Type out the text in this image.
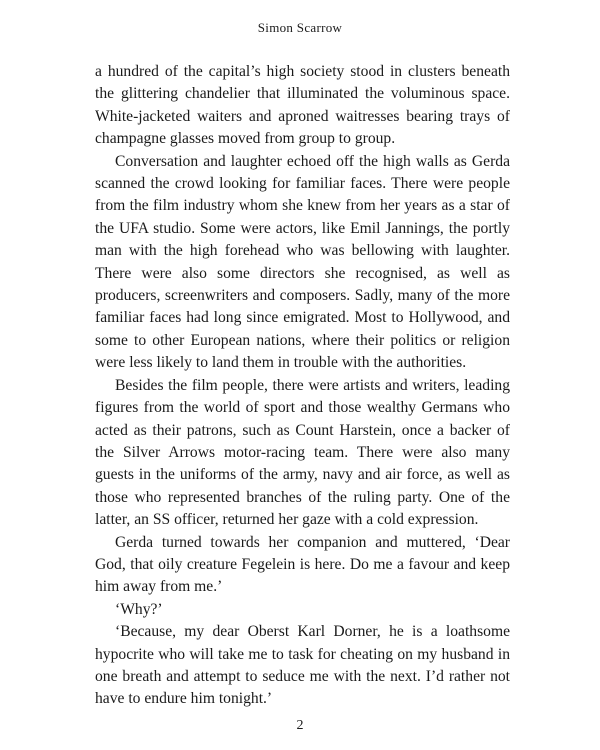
Simon Scarrow

a hundred of the capital’s high society stood in clusters beneath the glittering chandelier that illuminated the voluminous space. White-jacketed waiters and aproned waitresses bearing trays of champagne glasses moved from group to group.

Conversation and laughter echoed off the high walls as Gerda scanned the crowd looking for familiar faces. There were people from the film industry whom she knew from her years as a star of the UFA studio. Some were actors, like Emil Jannings, the portly man with the high forehead who was bellowing with laughter. There were also some directors she recognised, as well as producers, screenwriters and composers. Sadly, many of the more familiar faces had long since emigrated. Most to Hollywood, and some to other European nations, where their politics or religion were less likely to land them in trouble with the authorities.

Besides the film people, there were artists and writers, leading figures from the world of sport and those wealthy Germans who acted as their patrons, such as Count Harstein, once a backer of the Silver Arrows motor-racing team. There were also many guests in the uniforms of the army, navy and air force, as well as those who represented branches of the ruling party. One of the latter, an SS officer, returned her gaze with a cold expression.

Gerda turned towards her companion and muttered, ‘Dear God, that oily creature Fegelein is here. Do me a favour and keep him away from me.’

‘Why?’

‘Because, my dear Oberst Karl Dorner, he is a loathsome hypocrite who will take me to task for cheating on my husband in one breath and attempt to seduce me with the next. I’d rather not have to endure him tonight.’

2
